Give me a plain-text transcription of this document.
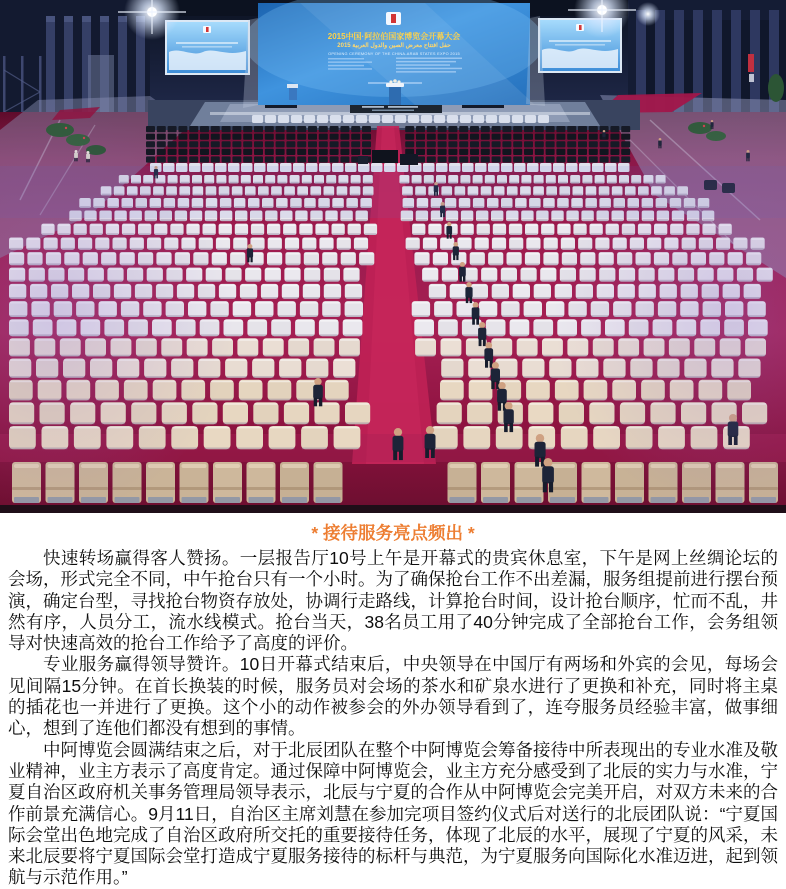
2015中国·阿拉伯国家博览会开幕大会
حفل افتتاح معرض الصين والدول العربية 2015
OPENING CEREMONY OF THE CHINA-ARAB STATES EXPO 2015
* 接待服务亮点频出 *

快速转场赢得客人赞扬。一层报告厅10号上午是开幕式的贵宾休息室，下午是网上丝绸论坛的会场，形式完全不同，中午抢台只有一个小时。为了确保抢台工作不出差漏，服务组提前进行摆台预演，确定台型，寻找抢台物资存放处，协调行走路线，计算抢台时间，设计抢台顺序，忙而不乱，井然有序，人员分工，流水线模式。抢台当天，38名员工用了40分钟完成了全部抢台工作，会务组领导对快速高效的抢台工作给予了高度的评价。

专业服务赢得领导赞许。10日开幕式结束后，中央领导在中国厅有两场和外宾的会见，每场会见间隔15分钟。在首长换装的时候，服务员对会场的茶水和矿泉水进行了更换和补充，同时将主桌的插花也一并进行了更换。这个小的动作被参会的外办领导看到了，连夸服务员经验丰富，做事细心，想到了连他们都没有想到的事情。

中阿博览会圆满结束之后，对于北辰团队在整个中阿博览会筹备接待中所表现出的专业水准及敬业精神，业主方表示了高度肯定。通过保障中阿博览会，业主方充分感受到了北辰的实力与水准，宁夏自治区政府机关事务管理局领导表示，北辰与宁夏的合作从中阿博览会完美开启，对双方未来的合作前景充满信心。9月11日，自治区主席刘慧在参加完项目签约仪式后对送行的北辰团队说：“宁夏国际会堂出色地完成了自治区政府所交托的重要接待任务，体现了北辰的水平，展现了宁夏的风采，未来北辰要将宁夏国际会堂打造成宁夏服务接待的标杆与典范，为宁夏服务向国际化水准迈进，起到领航与示范作用。”
